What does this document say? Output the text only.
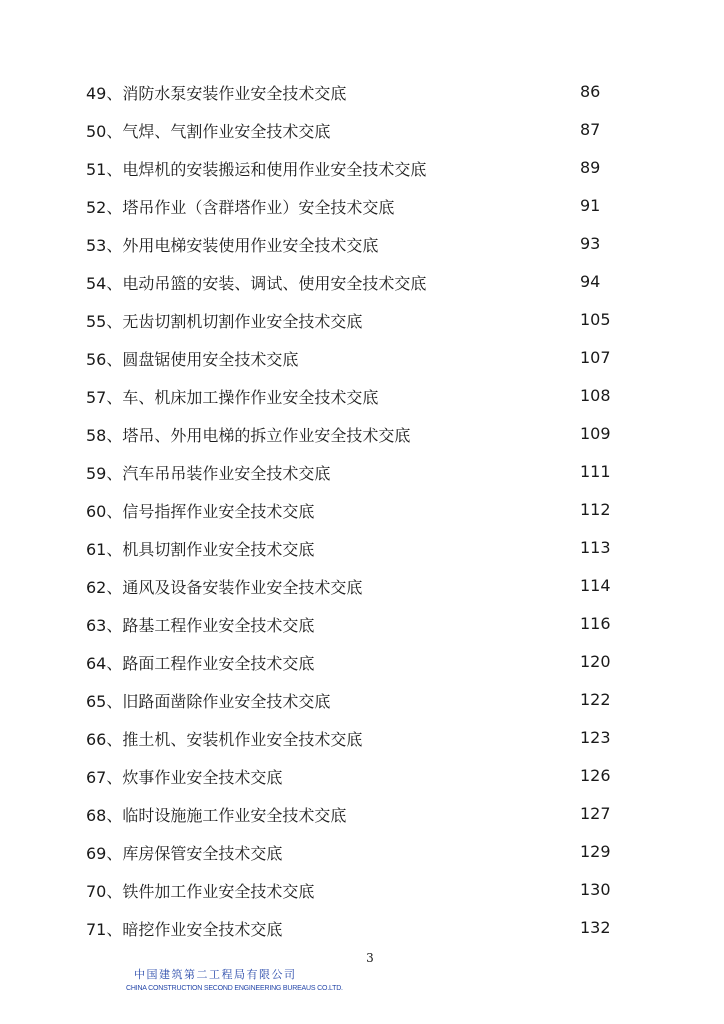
49、消防水泵安装作业安全技术交底	86
50、气焊、气割作业安全技术交底	87
51、电焊机的安装搬运和使用作业安全技术交底	89
52、塔吊作业（含群塔作业）安全技术交底	91
53、外用电梯安装使用作业安全技术交底	93
54、电动吊篮的安装、调试、使用安全技术交底	94
55、无齿切割机切割作业安全技术交底	105
56、圆盘锯使用安全技术交底	107
57、车、机床加工操作作业安全技术交底	108
58、塔吊、外用电梯的拆立作业安全技术交底	109
59、汽车吊吊装作业安全技术交底	111
60、信号指挥作业安全技术交底	112
61、机具切割作业安全技术交底	113
62、通风及设备安装作业安全技术交底	114
63、路基工程作业安全技术交底	116
64、路面工程作业安全技术交底	120
65、旧路面凿除作业安全技术交底	122
66、推土机、安装机作业安全技术交底	123
67、炊事作业安全技术交底	126
68、临时设施施工作业安全技术交底	127
69、库房保管安全技术交底	129
70、铁件加工作业安全技术交底	130
71、暗挖作业安全技术交底	132
3
中国建筑第二工程局有限公司
CHINA CONSTRUCTION SECOND ENGINEERING BUREAUS CO.LTD.
